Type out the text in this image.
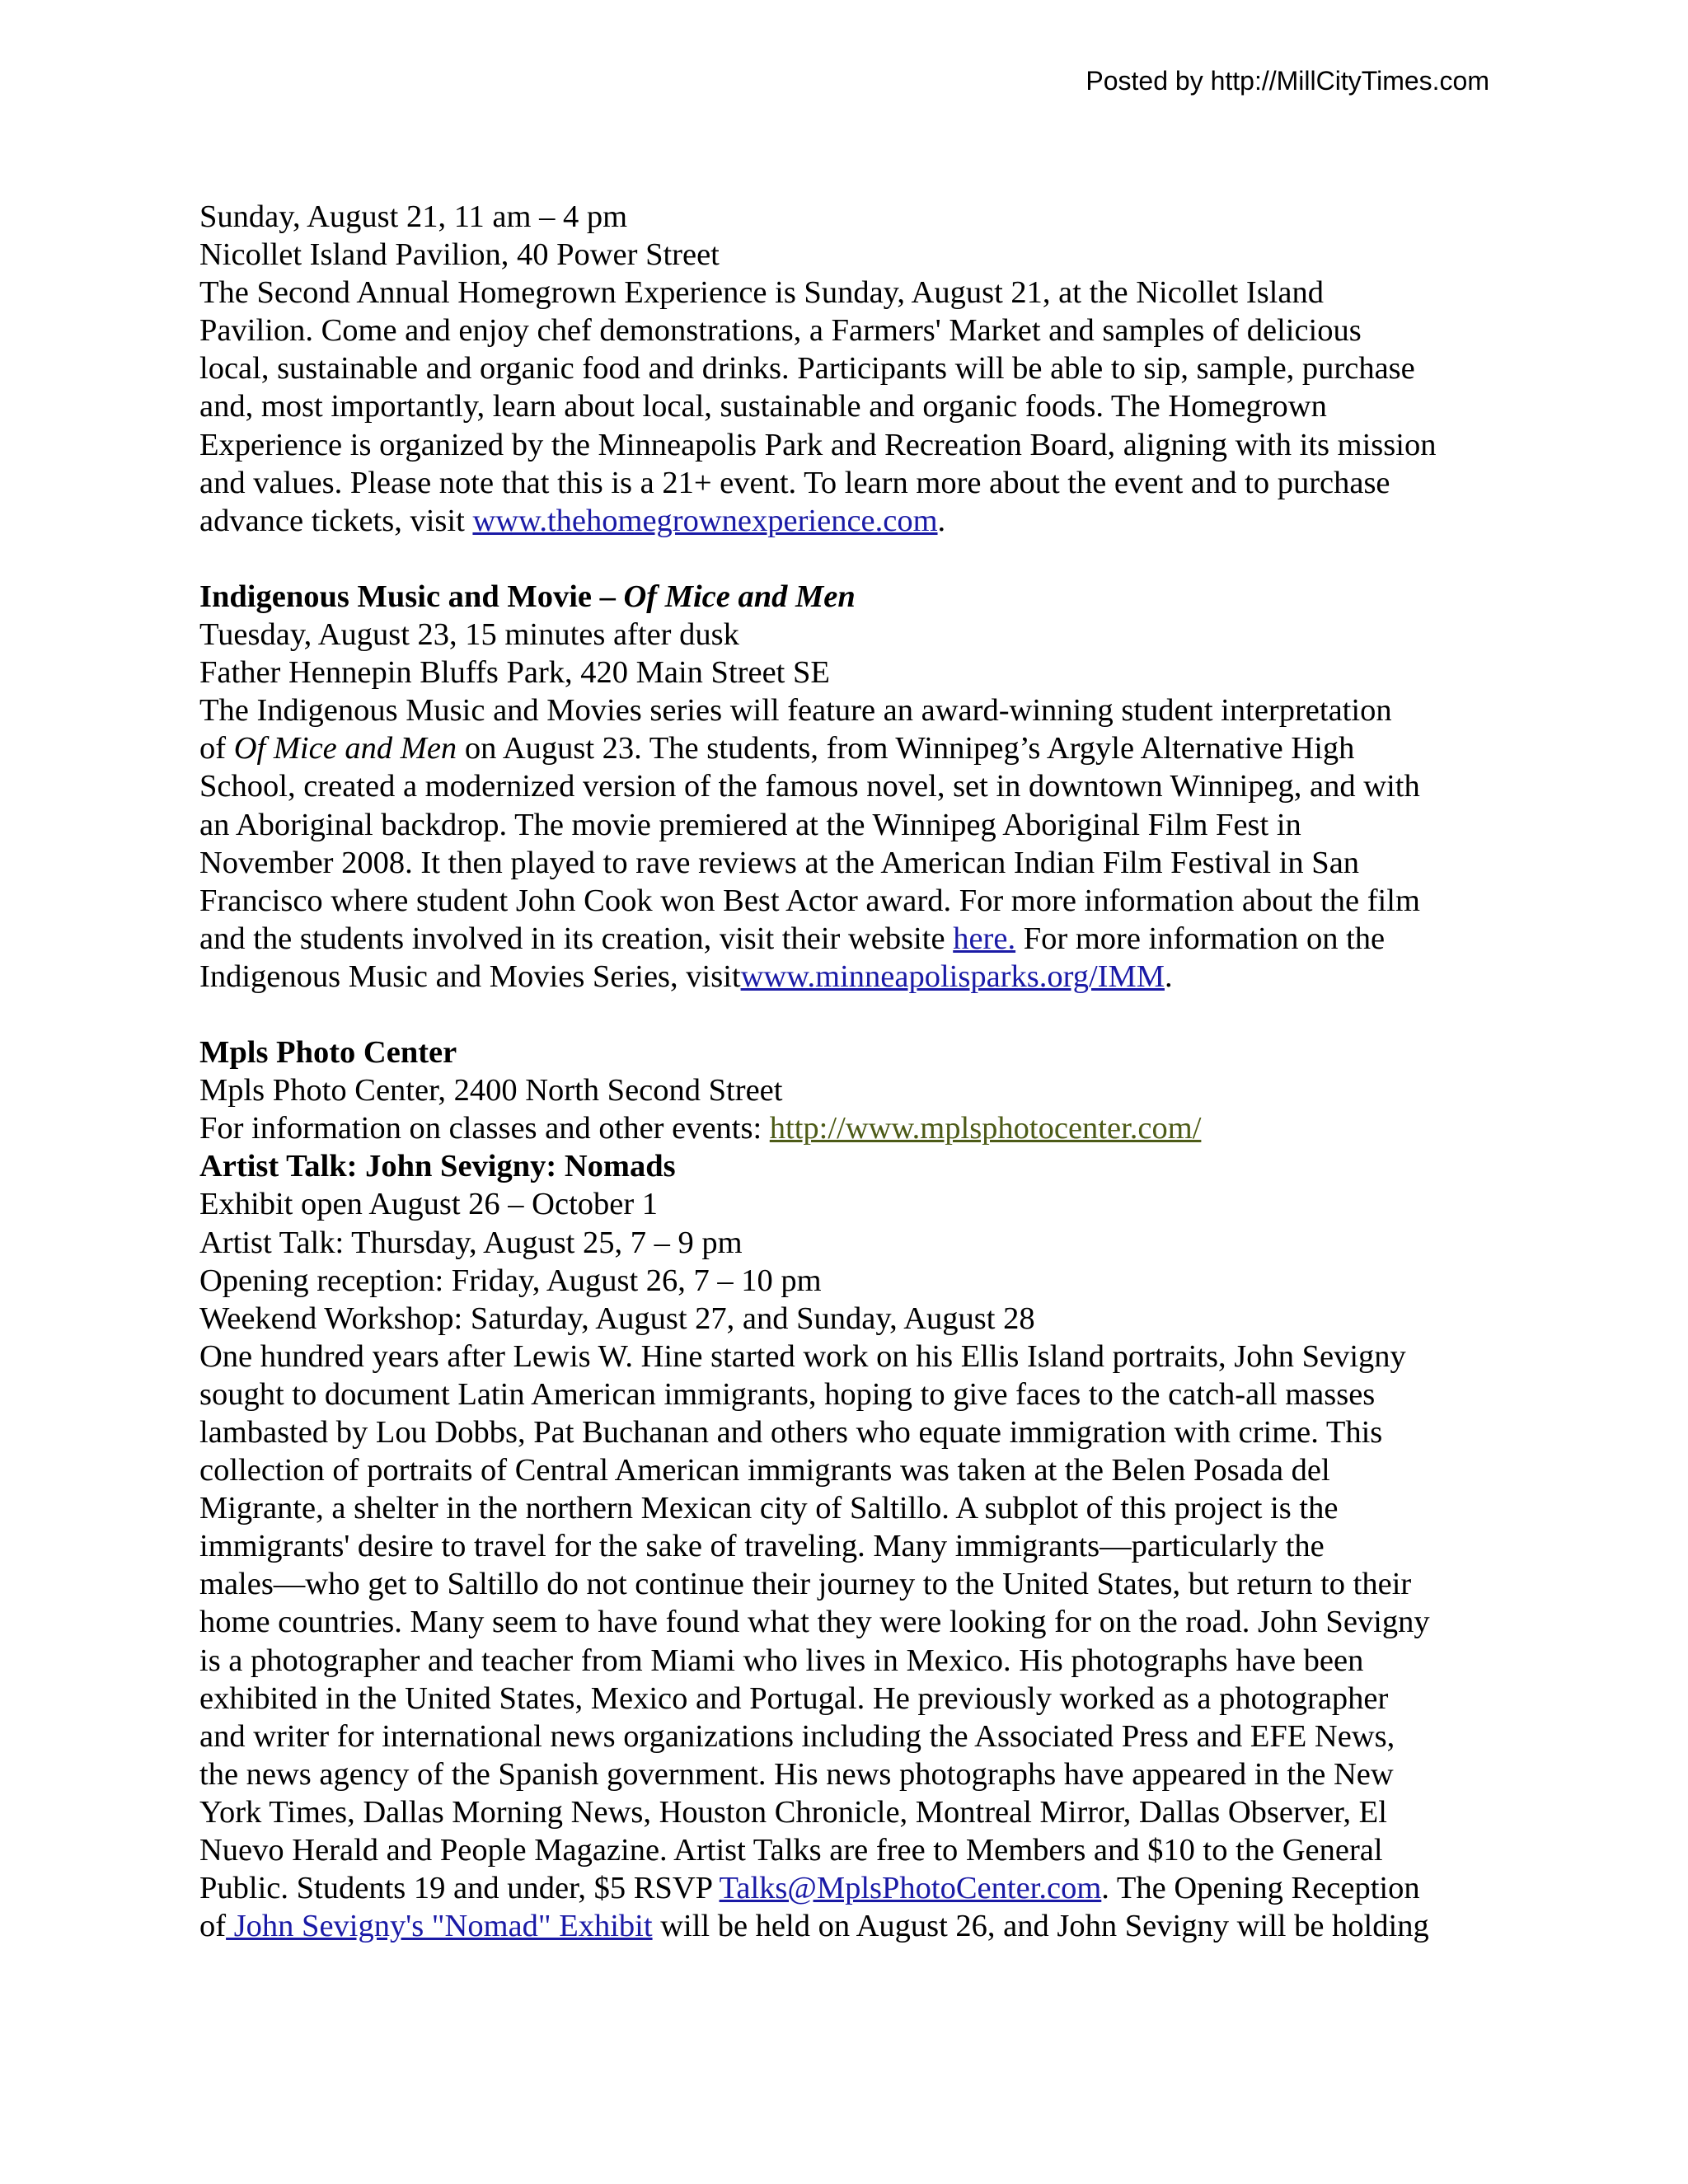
Posted by http://MillCityTimes.com

Sunday, August 21, 11 am – 4 pm
Nicollet Island Pavilion, 40 Power Street
The Second Annual Homegrown Experience is Sunday, August 21, at the Nicollet Island
Pavilion. Come and enjoy chef demonstrations, a Farmers' Market and samples of delicious
local, sustainable and organic food and drinks. Participants will be able to sip, sample, purchase
and, most importantly, learn about local, sustainable and organic foods. The Homegrown
Experience is organized by the Minneapolis Park and Recreation Board, aligning with its mission
and values. Please note that this is a 21+ event. To learn more about the event and to purchase
advance tickets, visit www.thehomegrownexperience.com.

Indigenous Music and Movie – Of Mice and Men
Tuesday, August 23, 15 minutes after dusk
Father Hennepin Bluffs Park, 420 Main Street SE
The Indigenous Music and Movies series will feature an award-winning student interpretation
of Of Mice and Men on August 23. The students, from Winnipeg’s Argyle Alternative High
School, created a modernized version of the famous novel, set in downtown Winnipeg, and with
an Aboriginal backdrop. The movie premiered at the Winnipeg Aboriginal Film Fest in
November 2008. It then played to rave reviews at the American Indian Film Festival in San
Francisco where student John Cook won Best Actor award. For more information about the film
and the students involved in its creation, visit their website here. For more information on the
Indigenous Music and Movies Series, visitwww.minneapolisparks.org/IMM.

Mpls Photo Center
Mpls Photo Center, 2400 North Second Street
For information on classes and other events: http://www.mplsphotocenter.com/
Artist Talk: John Sevigny: Nomads
Exhibit open August 26 – October 1
Artist Talk: Thursday, August 25, 7 – 9 pm
Opening reception: Friday, August 26, 7 – 10 pm
Weekend Workshop: Saturday, August 27, and Sunday, August 28
One hundred years after Lewis W. Hine started work on his Ellis Island portraits, John Sevigny
sought to document Latin American immigrants, hoping to give faces to the catch-all masses
lambasted by Lou Dobbs, Pat Buchanan and others who equate immigration with crime. This
collection of portraits of Central American immigrants was taken at the Belen Posada del
Migrante, a shelter in the northern Mexican city of Saltillo. A subplot of this project is the
immigrants' desire to travel for the sake of traveling. Many immigrants—particularly the
males—who get to Saltillo do not continue their journey to the United States, but return to their
home countries. Many seem to have found what they were looking for on the road. John Sevigny
is a photographer and teacher from Miami who lives in Mexico. His photographs have been
exhibited in the United States, Mexico and Portugal. He previously worked as a photographer
and writer for international news organizations including the Associated Press and EFE News,
the news agency of the Spanish government. His news photographs have appeared in the New
York Times, Dallas Morning News, Houston Chronicle, Montreal Mirror, Dallas Observer, El
Nuevo Herald and People Magazine. Artist Talks are free to Members and $10 to the General
Public. Students 19 and under, $5 RSVP Talks@MplsPhotoCenter.com. The Opening Reception
of John Sevigny's "Nomad" Exhibit will be held on August 26, and John Sevigny will be holding
